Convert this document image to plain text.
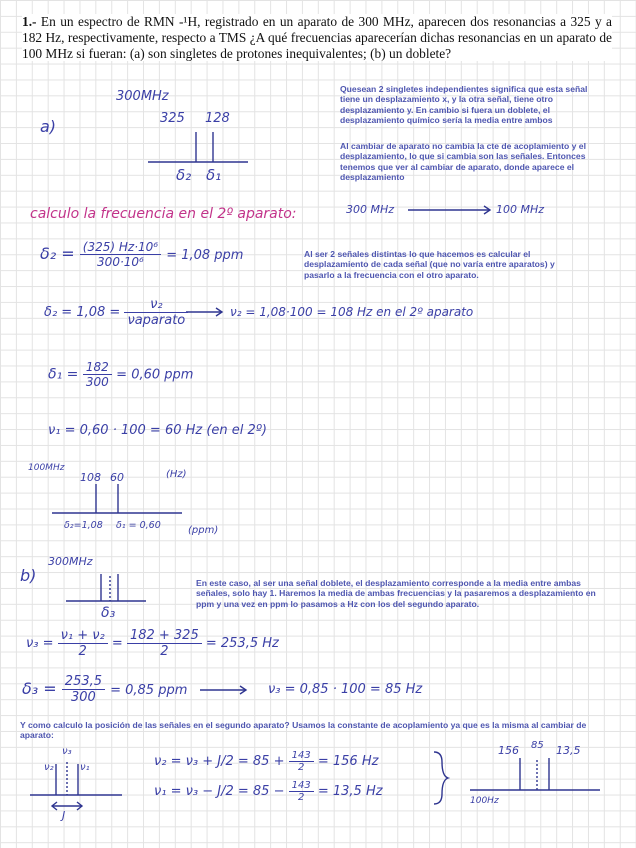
1.- En un espectro de RMN -¹H, registrado en un aparato de 300 MHz, aparecen dos resonancias a 325 y a 182 Hz, respectivamente, respecto a TMS ¿A qué frecuencias aparecerían dichas resonancias en un aparato de 100 MHz si fueran: (a) son singletes de protones inequivalentes; (b) un doblete?
300MHz
a)	325 128
δ₂ δ₁
Quesean 2 singletes independientes significa que esta señal tiene un desplazamiento x, y la otra señal, tiene otro desplazamiento y. En cambio si fuera un doblete, el desplazamiento químico sería la media entre ambos
Al cambiar de aparato no cambia la cte de acoplamiento y el desplazamiento, lo que si cambia son las señales. Entonces tenemos que ver al cambiar de aparato, donde aparece el desplazamiento
calculo la frecuencia en el 2º aparato:	300 MHz	100 MHz
$\delta_2 = \frac{\text{(325) Hz·10⁶}}{\text{300·10⁶}} = 1,08$ ppm	Al ser 2 señales distintas lo que hacemos es calcular el desplazamiento de cada señal (que no varía entre aparatos) y pasarlo a la frecuencia con el otro aparato.
$\delta_2 = 1,08 = \frac{\text{ν₂}}{\text{νaparato}}$	ν₂ = 1,08·100 = 108 Hz en el 2º aparato
$\delta_1 = \frac{182}{300} = 0,60$ ppm
ν₁ = 0,60 · 100 = 60 Hz (en el 2º)
100MHz
108 60	(Hz)
δ₂=1,08 δ₁ = 0,60	(ppm)
300MHz
b)
δ₃
En este caso, al ser una señal doblete, el desplazamiento corresponde a la media entre ambas señales, solo hay 1. Haremos la media de ambas frecuencias y la pasaremos a desplazamiento en ppm y una vez en ppm lo pasamos a Hz con los del segundo aparato.
$\nu_3 = \frac{\text{ν₁ + ν₂}}{2} = \frac{182 + 325}{2} = 253,5$ Hz
$\delta_3 = \frac{253,5}{300} = 0,85$ ppm	ν₃ = 0,85 · 100 = 85 Hz
Y como calculo la posición de las señales en el segundo aparato? Usamos la constante de acoplamiento ya que es la misma al cambiar de aparato:
ν₃
ν₂	ν₁
J
$\nu_2 = \nu_3 + J/2 = 85 + \frac{143}{2} = 156$ Hz
$\nu_1 = \nu_3 - J/2 = 85 - \frac{143}{2} = 13,5$ Hz
156 85 13,5
100Hz
